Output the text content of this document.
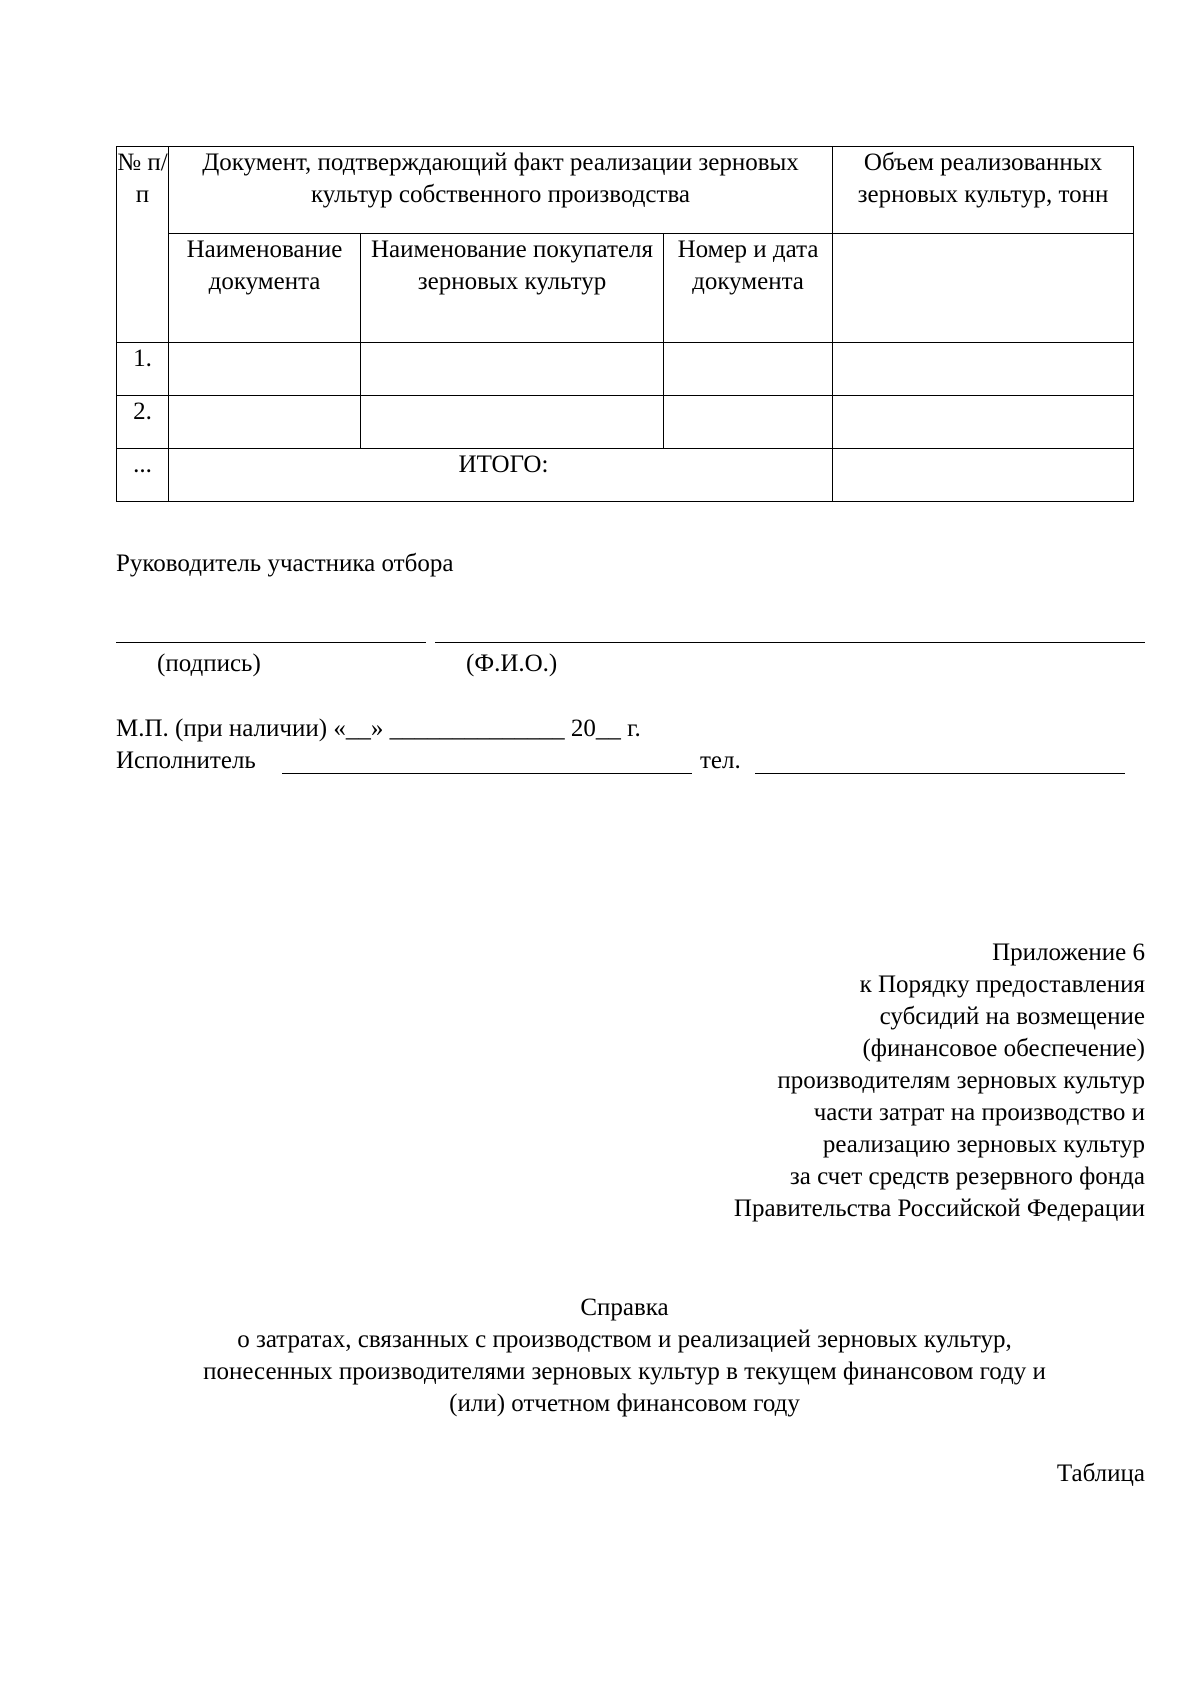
№ п/п	Документ, подтверждающий факт реализации зерновых культур собственного производства			Объем реализованных зерновых культур, тонн
	Наименование документа	Наименование покупателя зерновых культур	Номер и дата документа	
1.				
2.				
...	ИТОГО:			
Руководитель участника отбора
(подпись)	(Ф.И.О.)
М.П. (при наличии) «__» ______________ 20__ г.
Исполнитель	тел.
Приложение 6
к Порядку предоставления
субсидий на возмещение
(финансовое обеспечение)
производителям зерновых культур
части затрат на производство и
реализацию зерновых культур
за счет средств резервного фонда
Правительства Российской Федерации
Справка
о затратах, связанных с производством и реализацией зерновых культур,
понесенных производителями зерновых культур в текущем финансовом году и
(или) отчетном финансовом году
Таблица
